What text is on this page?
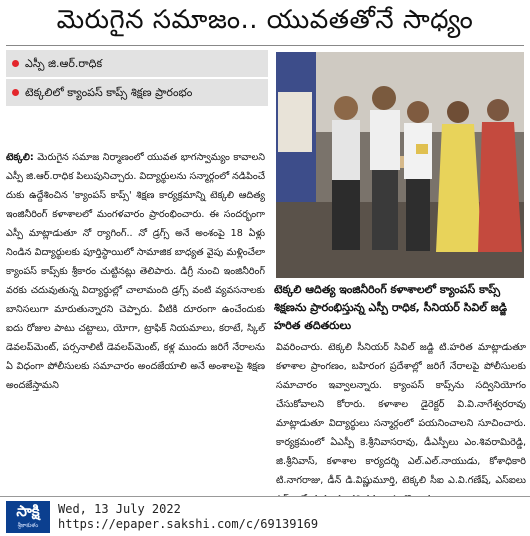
మెరుగైన సమాజం.. యువతతోనే సాధ్యం
ఎస్పీ జి.ఆర్‌.రాధిక
టెక్కలిలో క్యాంపస్‌ కాప్స్‌ శిక్షణ ప్రారంభం
టెక్కలి ఆదిత్య ఇంజినీరింగ్‌ కళాశాలలో క్యాంపస్‌ కాప్స్‌ శిక్షణను ప్రారంభిస్తున్న ఎస్పీ రాధిక, సీనియర్‌ సివిల్‌ జడ్జి హరిత తదితరులు

టెక్కలి: మెరుగైన సమాజ నిర్మాణంలో యువత భాగస్వామ్యం కావాలని ఎస్పీ జి.ఆర్‌.రాధిక పిలుపునిచ్చారు. విద్యార్థులను సన్మార్గంలో నడిపించే దుకు ఉద్దేశించిన 'క్యాంపస్‌ కాప్స్‌' శిక్షణ కార్యక్రమాన్ని టెక్కలి ఆదిత్య ఇంజినీరింగ్‌ కళాశాలలో మంగళవారం ప్రారంభించారు. ఈ సందర్భంగా ఎస్పీ మాట్లాడుతూ నో ర్యాగింగ్‌.. నో డ్రగ్స్‌ అనే అంశంపై 18 ఏళ్లు నిండిన విద్యార్థులకు పూర్తిస్థాయిలో సామాజిక బాధ్యత వైపు మళ్లించేలా క్యాంపస్‌ కాప్స్‌కు శ్రీకారం చుట్టినట్లు తెలిపారు. డిగ్రీ నుంచి ఇంజినీరింగ్‌ వరకు చదువుతున్న విద్యార్థుల్లో చాలామంది డ్రగ్స్‌ వంటి వ్యవసనాలకు బానిసలుగా మారుతున్నారని చెప్పారు. వీటికి దూరంగా ఉంచేందుకు ఐదు రోజుల పాటు చట్టాలు, యోగా, ట్రాఫిక్‌ నియమాలు, కరాటే, స్కిల్‌ డెవలప్‌మెంట్‌, పర్సనాలిటీ డెవలప్‌మెంట్‌, కళ్ల ముందు జరిగే నేరాలను ఏ విధంగా పోలీసులకు సమాచారం అందజేయాలి అనే అంశాలపై శిక్షణ అందజేస్తామని

వివరించారు. టెక్కలి సీనియర్‌ సివిల్‌ జడ్జి టి.హరిత మాట్లాడుతూ కళాశాల ప్రాంగణం, బహిరంగ ప్రదేశాల్లో జరిగే నేరాలపై పోలీసులకు సమాచారం ఇవ్వాలన్నారు. క్యాంపస్‌ కాప్స్‌ను సద్వినియోగం చేసుకోవాలని కోరారు. కళాశాల డైరెక్టర్‌ వి.వి.నాగేశ్వరరావు మాట్లాడుతూ విద్యార్థులు సన్మార్గంలో పయనించాలని సూచించారు. కార్యక్రమంలో ఏఎస్పీ కె.శ్రీనివాసరావు, డీఎస్పీలు ఎం.శివరామిరెడ్డి, జి.శ్రీనివాస్‌, కళాశాల కార్యదర్శి ఎల్‌.ఎల్‌.నాయుడు, కోశాధికారి టి.నాగరాజు, డీన్‌ డి.విష్ణుమూర్తి, టెక్కలి సీఐ ఎ.వి.గణేష్‌, ఎస్‌ఐలు

సాక్షి
శ్రీకాకుళం
Wed, 13 July 2022
https://epaper.sakshi.com/c/69139169
